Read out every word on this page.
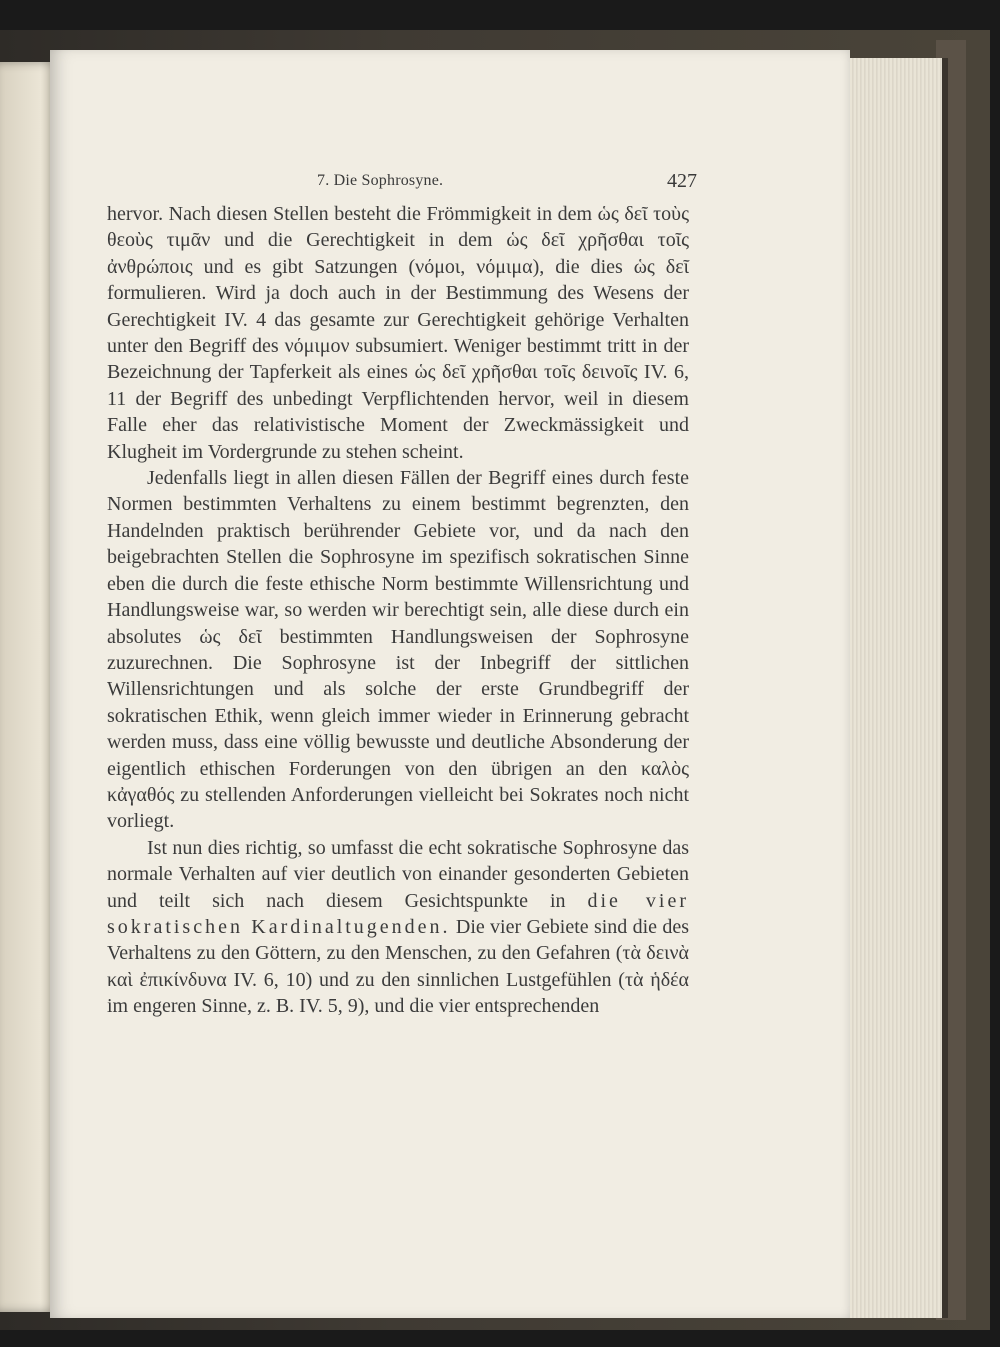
7. Die Sophrosyne.	427

hervor. Nach diesen Stellen besteht die Frömmigkeit in dem ὡς δεῖ τοὺς θεοὺς τιμᾶν und die Gerechtigkeit in dem ὡς δεῖ χρῆσθαι τοῖς ἀνθρώποις und es gibt Satzungen (νόμοι, νόμιμα), die dies ὡς δεῖ formulieren. Wird ja doch auch in der Bestimmung des Wesens der Gerechtigkeit IV. 4 das gesamte zur Gerechtigkeit gehörige Verhalten unter den Begriff des νόμιμον subsumiert. Weniger bestimmt tritt in der Bezeichnung der Tapferkeit als eines ὡς δεῖ χρῆσθαι τοῖς δεινοῖς IV. 6, 11 der Begriff des unbedingt Verpflichtenden hervor, weil in diesem Falle eher das relativistische Moment der Zweckmässigkeit und Klugheit im Vordergrunde zu stehen scheint.

Jedenfalls liegt in allen diesen Fällen der Begriff eines durch feste Normen bestimmten Verhaltens zu einem bestimmt begrenzten, den Handelnden praktisch berührender Gebiete vor, und da nach den beigebrachten Stellen die Sophrosyne im spezifisch sokratischen Sinne eben die durch die feste ethische Norm bestimmte Willensrichtung und Handlungsweise war, so werden wir berechtigt sein, alle diese durch ein absolutes ὡς δεῖ bestimmten Handlungsweisen der Sophrosyne zuzurechnen. Die Sophrosyne ist der Inbegriff der sittlichen Willensrichtungen und als solche der erste Grundbegriff der sokratischen Ethik, wenn gleich immer wieder in Erinnerung gebracht werden muss, dass eine völlig bewusste und deutliche Absonderung der eigentlich ethischen Forderungen von den übrigen an den καλὸς κἀγαθός zu stellenden Anforderungen vielleicht bei Sokrates noch nicht vorliegt.

Ist nun dies richtig, so umfasst die echt sokratische Sophrosyne das normale Verhalten auf vier deutlich von einander gesonderten Gebieten und teilt sich nach diesem Gesichtspunkte in die vier sokratischen Kardinaltugenden. Die vier Gebiete sind die des Verhaltens zu den Göttern, zu den Menschen, zu den Gefahren (τὰ δεινὰ καὶ ἐπικίνδυνα IV. 6, 10) und zu den sinnlichen Lustgefühlen (τὰ ἡδέα im engeren Sinne, z. B. IV. 5, 9), und die vier entsprechenden
